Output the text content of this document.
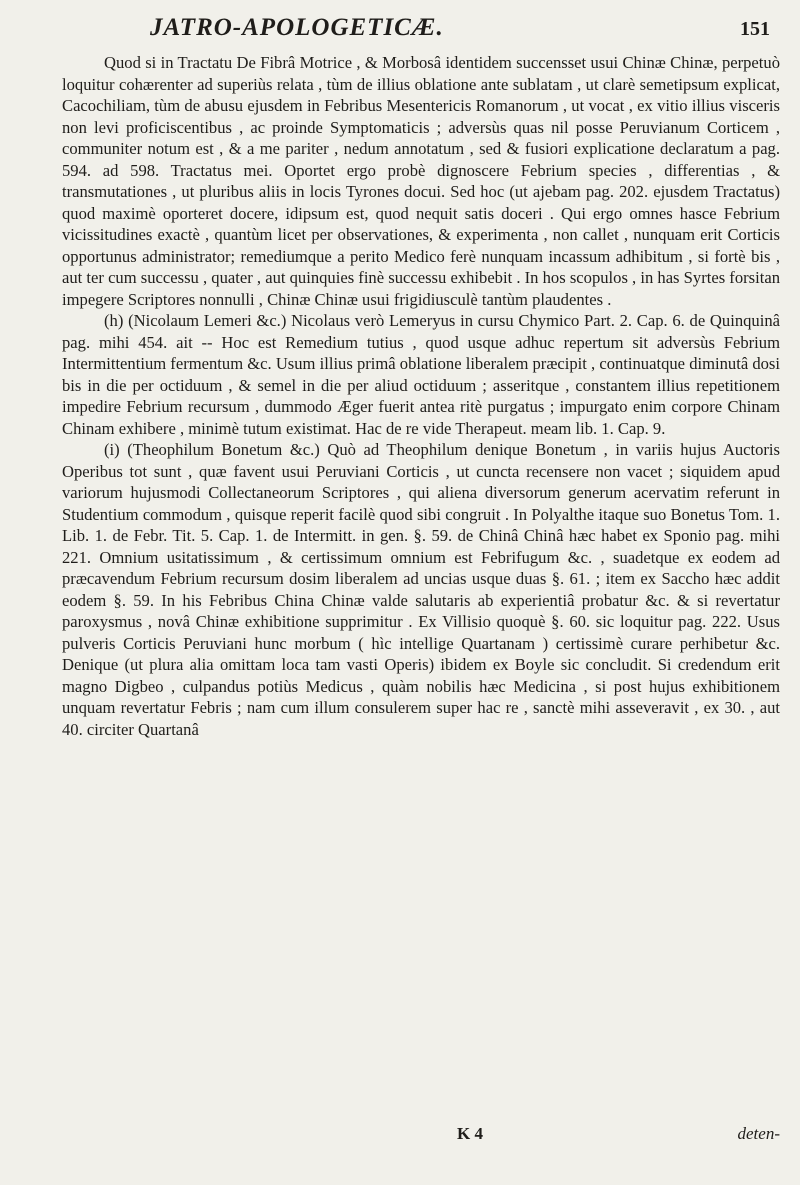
JATRO-APOLOGETICÆ.	151

Quod si in Tractatu De Fibrâ Motrice , & Morbosâ identidem succensset usui Chinæ Chinæ, perpetuò loquitur cohærenter ad superiùs relata , tùm de illius oblatione ante sublatam , ut clarè semetipsum explicat, Cacochiliam, tùm de abusu ejusdem in Febribus Mesentericis Romanorum , ut vocat , ex vitio illius visceris non levi proficiscentibus , ac proinde Symptomaticis ; adversùs quas nil posse Peruvianum Corticem , communiter notum est , & a me pariter , nedum annotatum , sed & fusiori explicatione declaratum a pag. 594. ad 598. Tractatus mei. Oportet ergo probè dignoscere Febrium species , differentias , & transmutationes , ut pluribus aliis in locis Tyrones docui. Sed hoc (ut ajebam pag. 202. ejusdem Tractatus) quod maximè oporteret docere, idipsum est, quod nequit satis doceri . Qui ergo omnes hasce Febrium vicissitudines exactè , quantùm licet per observationes, & experimenta , non callet , nunquam erit Corticis opportunus administrator; remediumque a perito Medico ferè nunquam incassum adhibitum , si fortè bis , aut ter cum successu , quater , aut quinquies finè successu exhibebit . In hos scopulos , in has Syrtes forsitan impegere Scriptores nonnulli , Chinæ Chinæ usui frigidiusculè tantùm plaudentes .

(h) (Nicolaum Lemeri &c.) Nicolaus verò Lemeryus in cursu Chymico Part. 2. Cap. 6. de Quinquinâ pag. mihi 454. ait -- Hoc est Remedium tutius , quod usque adhuc repertum sit adversùs Febrium Intermittentium fermentum &c. Usum illius primâ oblatione liberalem præcipit , continuatque diminutâ dosi bis in die per octiduum , & semel in die per aliud octiduum ; asseritque , constantem illius repetitionem impedire Febrium recursum , dummodo Æger fuerit antea ritè purgatus ; impurgato enim corpore Chinam Chinam exhibere , minimè tutum existimat. Hac de re vide Therapeut. meam lib. 1. Cap. 9.

(i) (Theophilum Bonetum &c.) Quò ad Theophilum denique Bonetum , in variis hujus Auctoris Operibus tot sunt , quæ favent usui Peruviani Corticis , ut cuncta recensere non vacet ; siquidem apud variorum hujusmodi Collectaneorum Scriptores , qui aliena diversorum generum acervatim referunt in Studentium commodum , quisque reperit facilè quod sibi congruit . In Polyalthe itaque suo Bonetus Tom. 1. Lib. 1. de Febr. Tit. 5. Cap. 1. de Intermitt. in gen. §. 59. de Chinâ Chinâ hæc habet ex Sponio pag. mihi 221. Omnium usitatissimum , & certissimum omnium est Febrifugum &c. , suadetque ex eodem ad præcavendum Febrium recursum dosim liberalem ad uncias usque duas §. 61. ; item ex Saccho hæc addit eodem §. 59. In his Febribus China Chinæ valde salutaris ab experientiâ probatur &c. & si revertatur paroxysmus , novâ Chinæ exhibitione supprimitur . Ex Villisio quoquè §. 60. sic loquitur pag. 222. Usus pulveris Corticis Peruviani hunc morbum ( hìc intellige Quartanam ) certissimè curare perhibetur &c. Denique (ut plura alia omittam loca tam vasti Operis) ibidem ex Boyle sic concludit. Si credendum erit magno Digbeo , culpandus potiùs Medicus , quàm nobilis hæc Medicina , si post hujus exhibitionem unquam revertatur Febris ; nam cum illum consulerem super hac re , sanctè mihi asseveravit , ex 30. , aut 40. circiter Quartanâ

K 4	deten-
